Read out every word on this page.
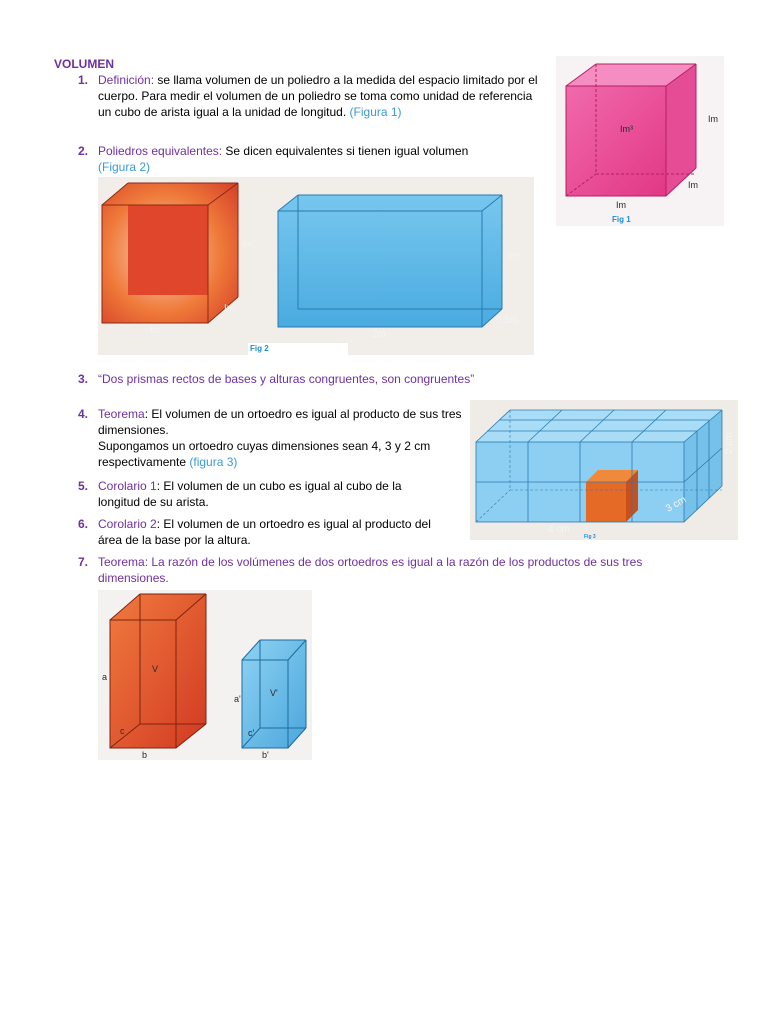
VOLUMEN
1. Definición: se llama volumen de un poliedro a la medida del espacio limitado por el cuerpo. Para medir el volumen de un poliedro se toma como unidad de referencia un cubo de arista igual a la unidad de longitud. (Figura 1)
2. Poliedros equivalentes: Se dicen equivalentes si tienen igual volumen
(Figura 2)
3. “Dos prismas rectos de bases y alturas congruentes, son congruentes”
4. Teorema: El volumen de un ortoedro es igual al producto de sus tres dimensiones.
Supongamos un ortoedro cuyas dimensiones sean 4, 3 y 2 cm respectivamente (figura 3)
5. Corolario 1: El volumen de un cubo es igual al cubo de la longitud de su arista.
6. Corolario 2: El volumen de un ortoedro es igual al producto del área de la base por la altura.
7. Teorema: La razón de los volúmenes de dos ortoedros es igual a la razón de los productos de sus tres dimensiones.
Im³
Im
Im
Im
Fig 1
Im
Im
Im
Im
0.5m
2m
Fig 2
4 cm
3 cm
2 cm
Fig 3
V
a
c
b
V'
a'
c'
b'
